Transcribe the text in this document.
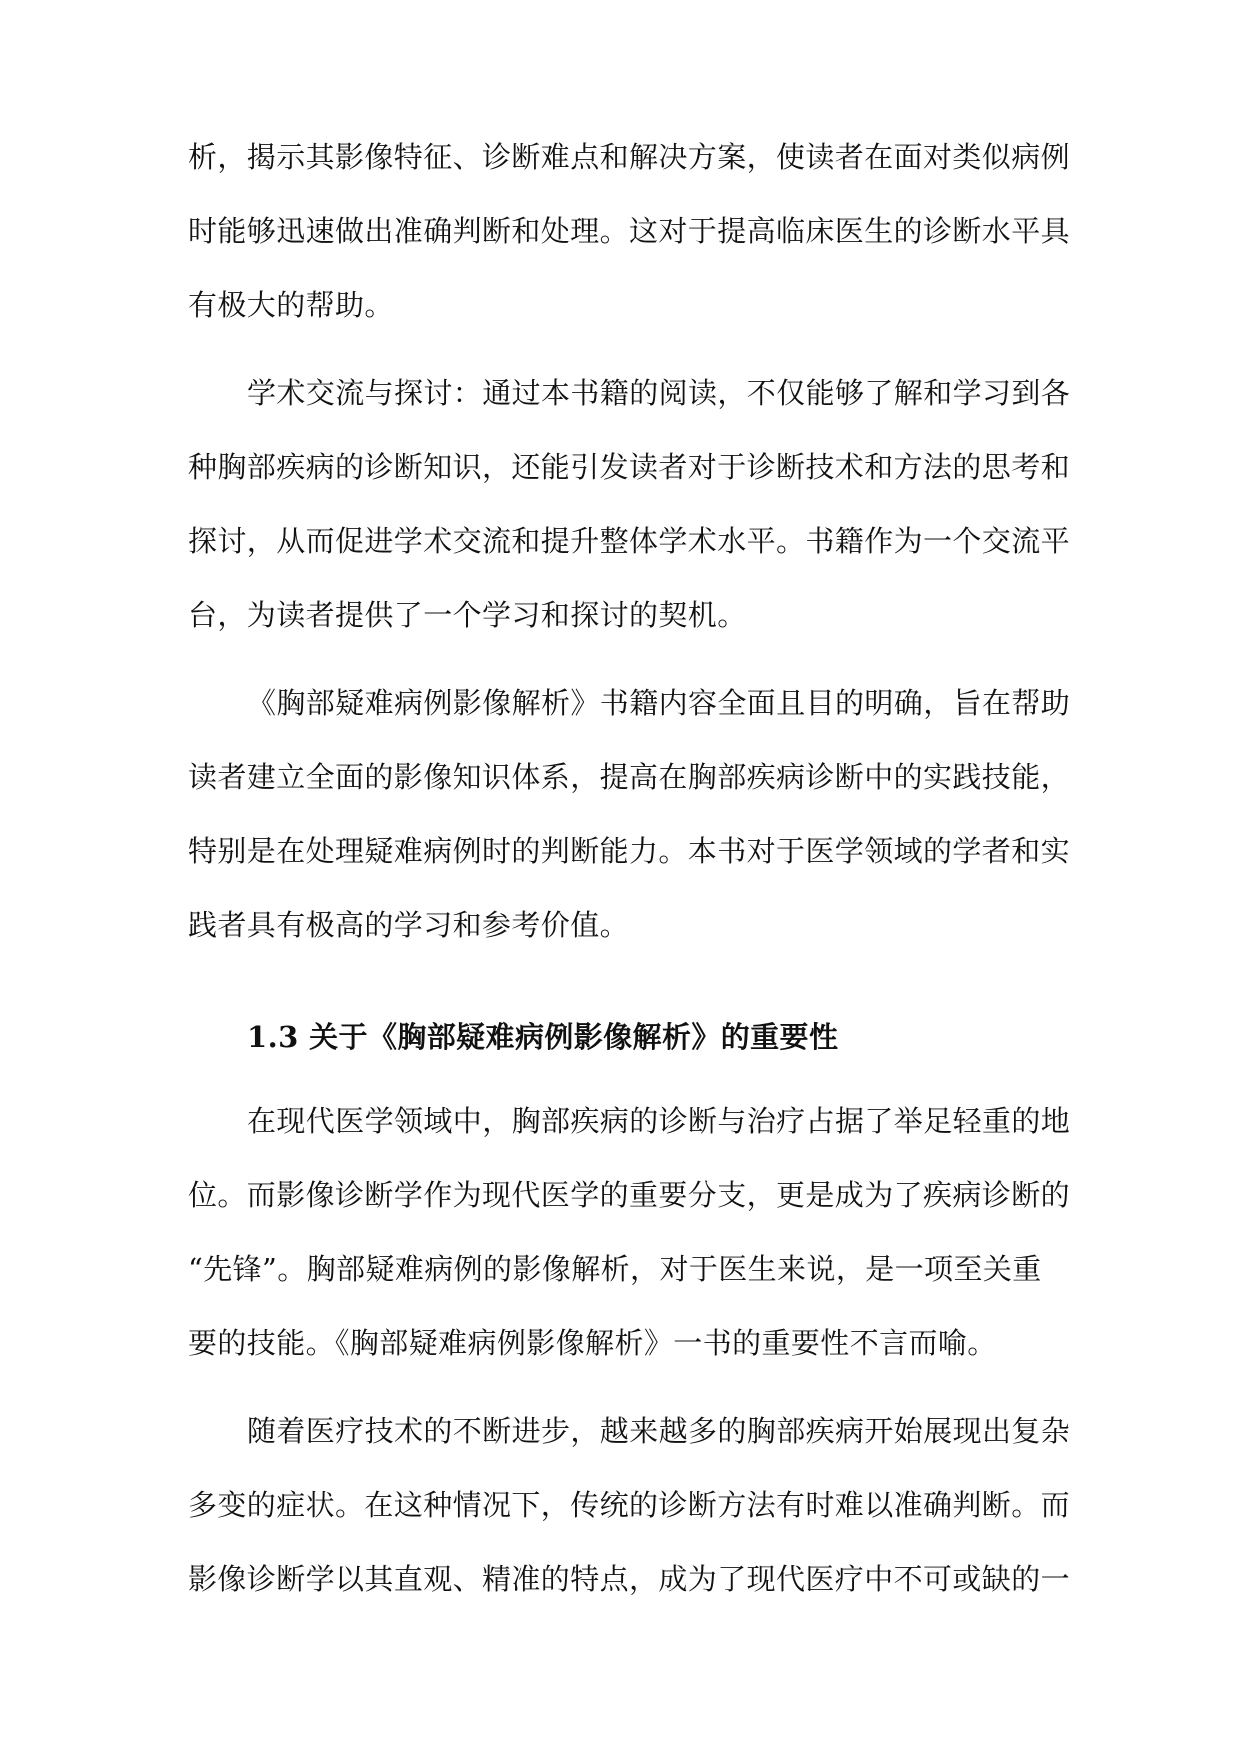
析，揭示其影像特征、诊断难点和解决方案，使读者在面对类似病例
时能够迅速做出准确判断和处理。这对于提高临床医生的诊断水平具
有极大的帮助。
学术交流与探讨：通过本书籍的阅读，不仅能够了解和学习到各
种胸部疾病的诊断知识，还能引发读者对于诊断技术和方法的思考和
探讨，从而促进学术交流和提升整体学术水平。书籍作为一个交流平
台，为读者提供了一个学习和探讨的契机。
《胸部疑难病例影像解析》书籍内容全面且目的明确，旨在帮助
读者建立全面的影像知识体系，提高在胸部疾病诊断中的实践技能，
特别是在处理疑难病例时的判断能力。本书对于医学领域的学者和实
践者具有极高的学习和参考价值。
1.3 关于《胸部疑难病例影像解析》的重要性
在现代医学领域中，胸部疾病的诊断与治疗占据了举足轻重的地
位。而影像诊断学作为现代医学的重要分支，更是成为了疾病诊断的
“先锋”。胸部疑难病例的影像解析，对于医生来说，是一项至关重
要的技能。《胸部疑难病例影像解析》一书的重要性不言而喻。
随着医疗技术的不断进步，越来越多的胸部疾病开始展现出复杂
多变的症状。在这种情况下，传统的诊断方法有时难以准确判断。而
影像诊断学以其直观、精准的特点，成为了现代医疗中不可或缺的一
